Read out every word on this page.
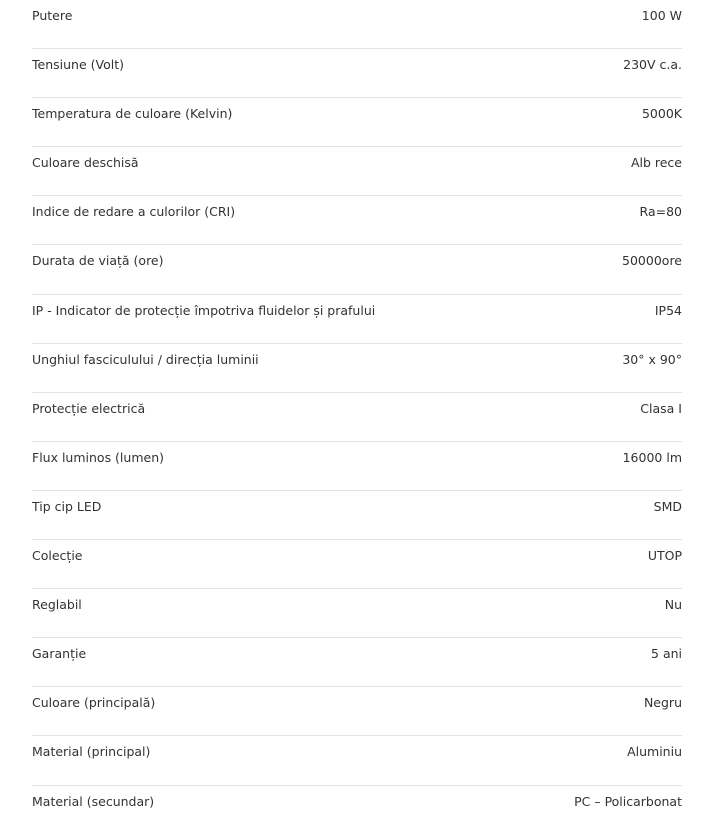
Putere	100 W
Tensiune (Volt)	230V c.a.
Temperatura de culoare (Kelvin)	5000K
Culoare deschisă	Alb rece
Indice de redare a culorilor (CRI)	Ra=80
Durata de viață (ore)	50000ore
IP - Indicator de protecție împotriva fluidelor și prafului	IP54
Unghiul fasciculului / direcția luminii	30° x 90°
Protecție electrică	Clasa I
Flux luminos (lumen)	16000 lm
Tip cip LED	SMD
Colecție	UTOP
Reglabil	Nu
Garanție	5 ani
Culoare (principală)	Negru
Material (principal)	Aluminiu
Material (secundar)	PC – Policarbonat
